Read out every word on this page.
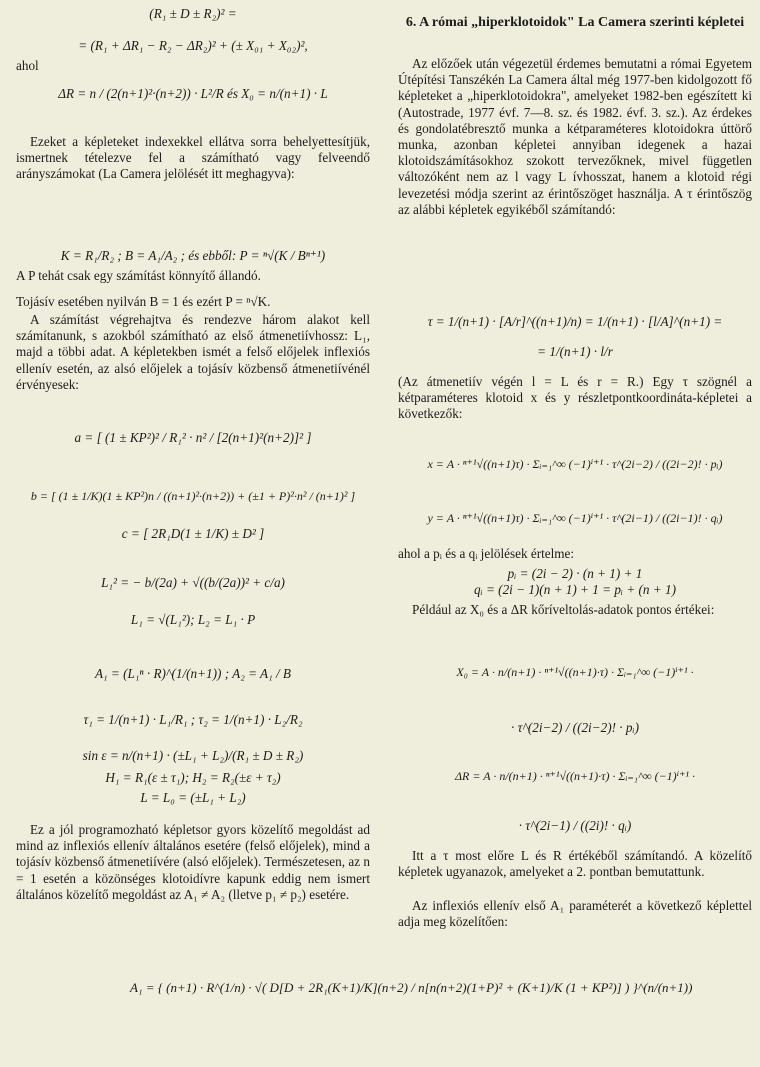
(R₁ ± D ± R₂)² =
= (R₁ + ΔR₁ − R₂ − ΔR₂)² + (± X₀₁ + X₀₂)²,
ahol
ΔR = n / (2(n+1)²·(n+2)) · L²/R és X₀ = n/(n+1) · L

Ezeket a képleteket indexekkel ellátva sorra behelyettesítjük, ismertnek tételezve fel a számítható vagy felveendő arányszámokat (La Camera jelölését itt meghagyva):

K = R₁/R₂ ; B = A₁/A₂ ; és ebből: P = ⁿ√(K / Bⁿ⁺¹)

A P tehát csak egy számítást könnyítő állandó.

Tojásív esetében nyilván B = 1 és ezért P = ⁿ√K.

A számítást végrehajtva és rendezve három alakot kell számítanunk, s azokból számítható az első átmenetiívhossz: L₁, majd a többi adat. A képletekben ismét a felső előjelek inflexiós ellenív esetén, az alsó előjelek a tojásív közbenső átmenetiívénél érvényesek:

a = [ (1 ± KP²)² / R₁² · n² / [2(n+1)²(n+2)]² ]
b = [ (1 ± 1/K)(1 ± KP²)n / ((n+1)²·(n+2)) + (±1 + P)²·n² / (n+1)² ]
c = [ 2R₁D(1 ± 1/K) ± D² ]
L₁² = − b/(2a) + √((b/(2a))² + c/a)
L₁ = √(L₁²); L₂ = L₁ · P
A₁ = (L₁ⁿ · R)^(1/(n+1)) ; A₂ = A₁ / B
τ₁ = 1/(n+1) · L₁/R₁ ; τ₂ = 1/(n+1) · L₂/R₂
sin ε = n/(n+1) · (±L₁ + L₂)/(R₁ ± D ± R₂)
H₁ = R₁(ε ± τ₁); H₂ = R₂(±ε + τ₂)
L = L₀ = (±L₁ + L₂)

Ez a jól programozható képletsor gyors közelítő megoldást ad mind az inflexiós ellenív általános esetére (felső előjelek), mind a tojásív közbenső átmenetiívére (alsó előjelek). Természetesen, az n = 1 esetén a közönséges klotoidívre kapunk eddig nem ismert általános közelítő megoldást az A₁ ≠ A₂ (lletve p₁ ≠ p₂) esetére.

6. A római „hiperklotoidok" La Camera szerinti képletei

Az előzőek után végezetül érdemes bemutatni a római Egyetem Útépítési Tanszékén La Camera által még 1977-ben kidolgozott fő képleteket a „hiperklotoidokra", amelyeket 1982-ben egészített ki (Autostrade, 1977 évf. 7—8. sz. és 1982. évf. 3. sz.). Az érdekes és gondolatébresztő munka a kétparaméteres klotoidokra úttörő munka, azonban képletei annyiban idegenek a hazai klotoidszámításokhoz szokott tervezőknek, mivel független változóként nem az l vagy L ívhosszat, hanem a klotoid régi levezetési módja szerint az érintőszöget használja. A τ érintőszög az alábbi képletek egyikéből számítandó:

τ = 1/(n+1) · [A/r]^((n+1)/n) = 1/(n+1) · [l/A]^(n+1) =
= 1/(n+1) · l/r

(Az átmenetiív végén l = L és r = R.) Egy τ szögnél a kétparaméteres klotoid x és y részletpontkoordináta-képletei a következők:

x = A · ⁿ⁺¹√((n+1)τ) · Σᵢ₌₁^∞ (−1)ⁱ⁺¹ · τ^(2i−2) / ((2i−2)! · pᵢ)
y = A · ⁿ⁺¹√((n+1)τ) · Σᵢ₌₁^∞ (−1)ⁱ⁺¹ · τ^(2i−1) / ((2i−1)! · qᵢ)

ahol a pᵢ és a qᵢ jelölések értelme:

pᵢ = (2i − 2) · (n + 1) + 1
qᵢ = (2i − 1)(n + 1) + 1 = pᵢ + (n + 1)

Például az X₀ és a ΔR kőrívelto‌lás-adatok pontos értékei:

X₀ = A · n/(n+1) · ⁿ⁺¹√((n+1)·τ) · Σᵢ₌₁^∞ (−1)ⁱ⁺¹ ·
· τ^(2i−2) / ((2i−2)! · pᵢ)
ΔR = A · n/(n+1) · ⁿ⁺¹√((n+1)·τ) · Σᵢ₌₁^∞ (−1)ⁱ⁺¹ ·
· τ^(2i−1) / ((2i)! · qᵢ)

Itt a τ most előre L és R értékéből számítandó. A közelítő képletek ugyanazok, amelyeket a 2. pontban bemutattunk.

Az inflexiós ellenív első A₁ paraméterét a következő képlettel adja meg közelítően:

A₁ = { (n+1) · R^(1/n) · √( D[D + 2R₁(K+1)/K](n+2) / n[n(n+2)(1+P)² + (K+1)/K (1 + KP²)] ) }^(n/(n+1))
